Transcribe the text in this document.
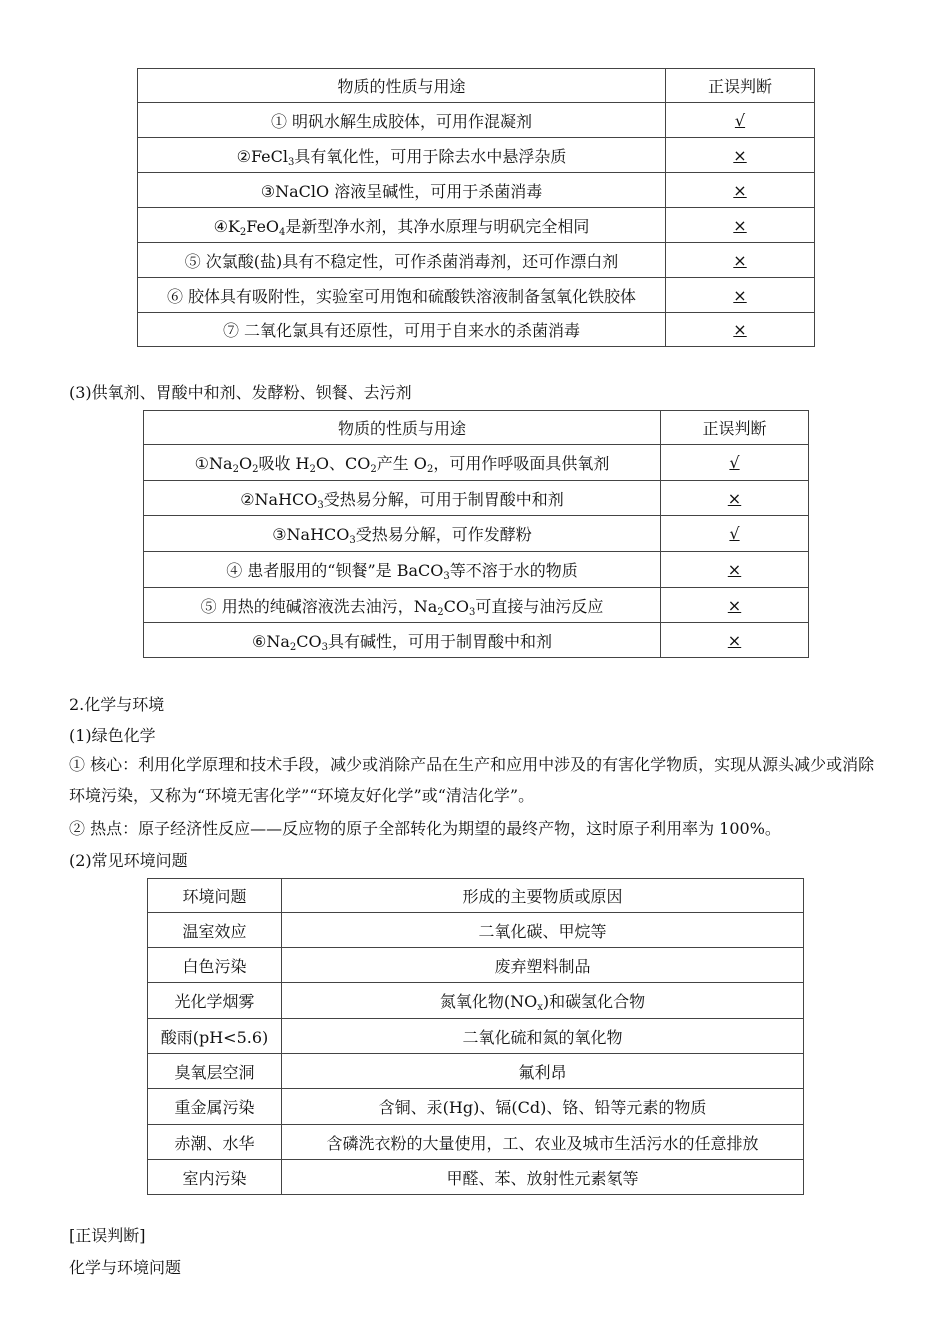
物质的性质与用途	正误判断
① 明矾水解生成胶体，可用作混凝剂	√
②FeCl$_3$具有氧化性，可用于除去水中悬浮杂质	×
③NaClO 溶液呈碱性，可用于杀菌消毒	×
$④K_2FeO_4$是新型净水剂，其净水原理与明矾完全相同	×
⑤ 次氯酸(盐)具有不稳定性，可作杀菌消毒剂，还可作漂白剂	×
⑥ 胶体具有吸附性，实验室可用饱和硫酸铁溶液制备氢氧化铁胶体	×
⑦ 二氧化氯具有还原性，可用于自来水的杀菌消毒	×
(3)供氧剂、胃酸中和剂、发酵粉、钡餐、去污剂
物质的性质与用途	正误判断
$①Na_2O_2$吸收 $H_2O$、$CO_2$产生 $O_2$，可用作呼吸面具供氧剂	√
②NaHCO$_3$受热易分解，可用于制胃酸中和剂	×
③NaHCO$_3$受热易分解，可作发酵粉	√
④ 患者服用的“钡餐”是 BaCO$_3$等不溶于水的物质	×
⑤ 用热的纯碱溶液洗去油污，$Na_2CO_3$可直接与油污反应	×
$⑥Na_2CO_3$具有碱性，可用于制胃酸中和剂	×
2.化学与环境
(1)绿色化学
① 核心：利用化学原理和技术手段，减少或消除产品在生产和应用中涉及的有害化学物质，实现从源头减少或消除环境污染，又称为“环境无害化学”“环境友好化学”或“清洁化学”。
② 热点：原子经济性反应——反应物的原子全部转化为期望的最终产物，这时原子利用率为 100%。
(2)常见环境问题
环境问题	形成的主要物质或原因
温室效应	二氧化碳、甲烷等
白色污染	废弃塑料制品
光化学烟雾	氮氧化物$(NO_x)$和碳氢化合物
酸雨(pH<5.6)	二氧化硫和氮的氧化物
臭氧层空洞	氟利昂
重金属污染	含铜、汞(Hg)、镉(Cd)、铬、铅等元素的物质
赤潮、水华	含磷洗衣粉的大量使用，工、农业及城市生活污水的任意排放
室内污染	甲醛、苯、放射性元素氡等
[正误判断]
化学与环境问题
